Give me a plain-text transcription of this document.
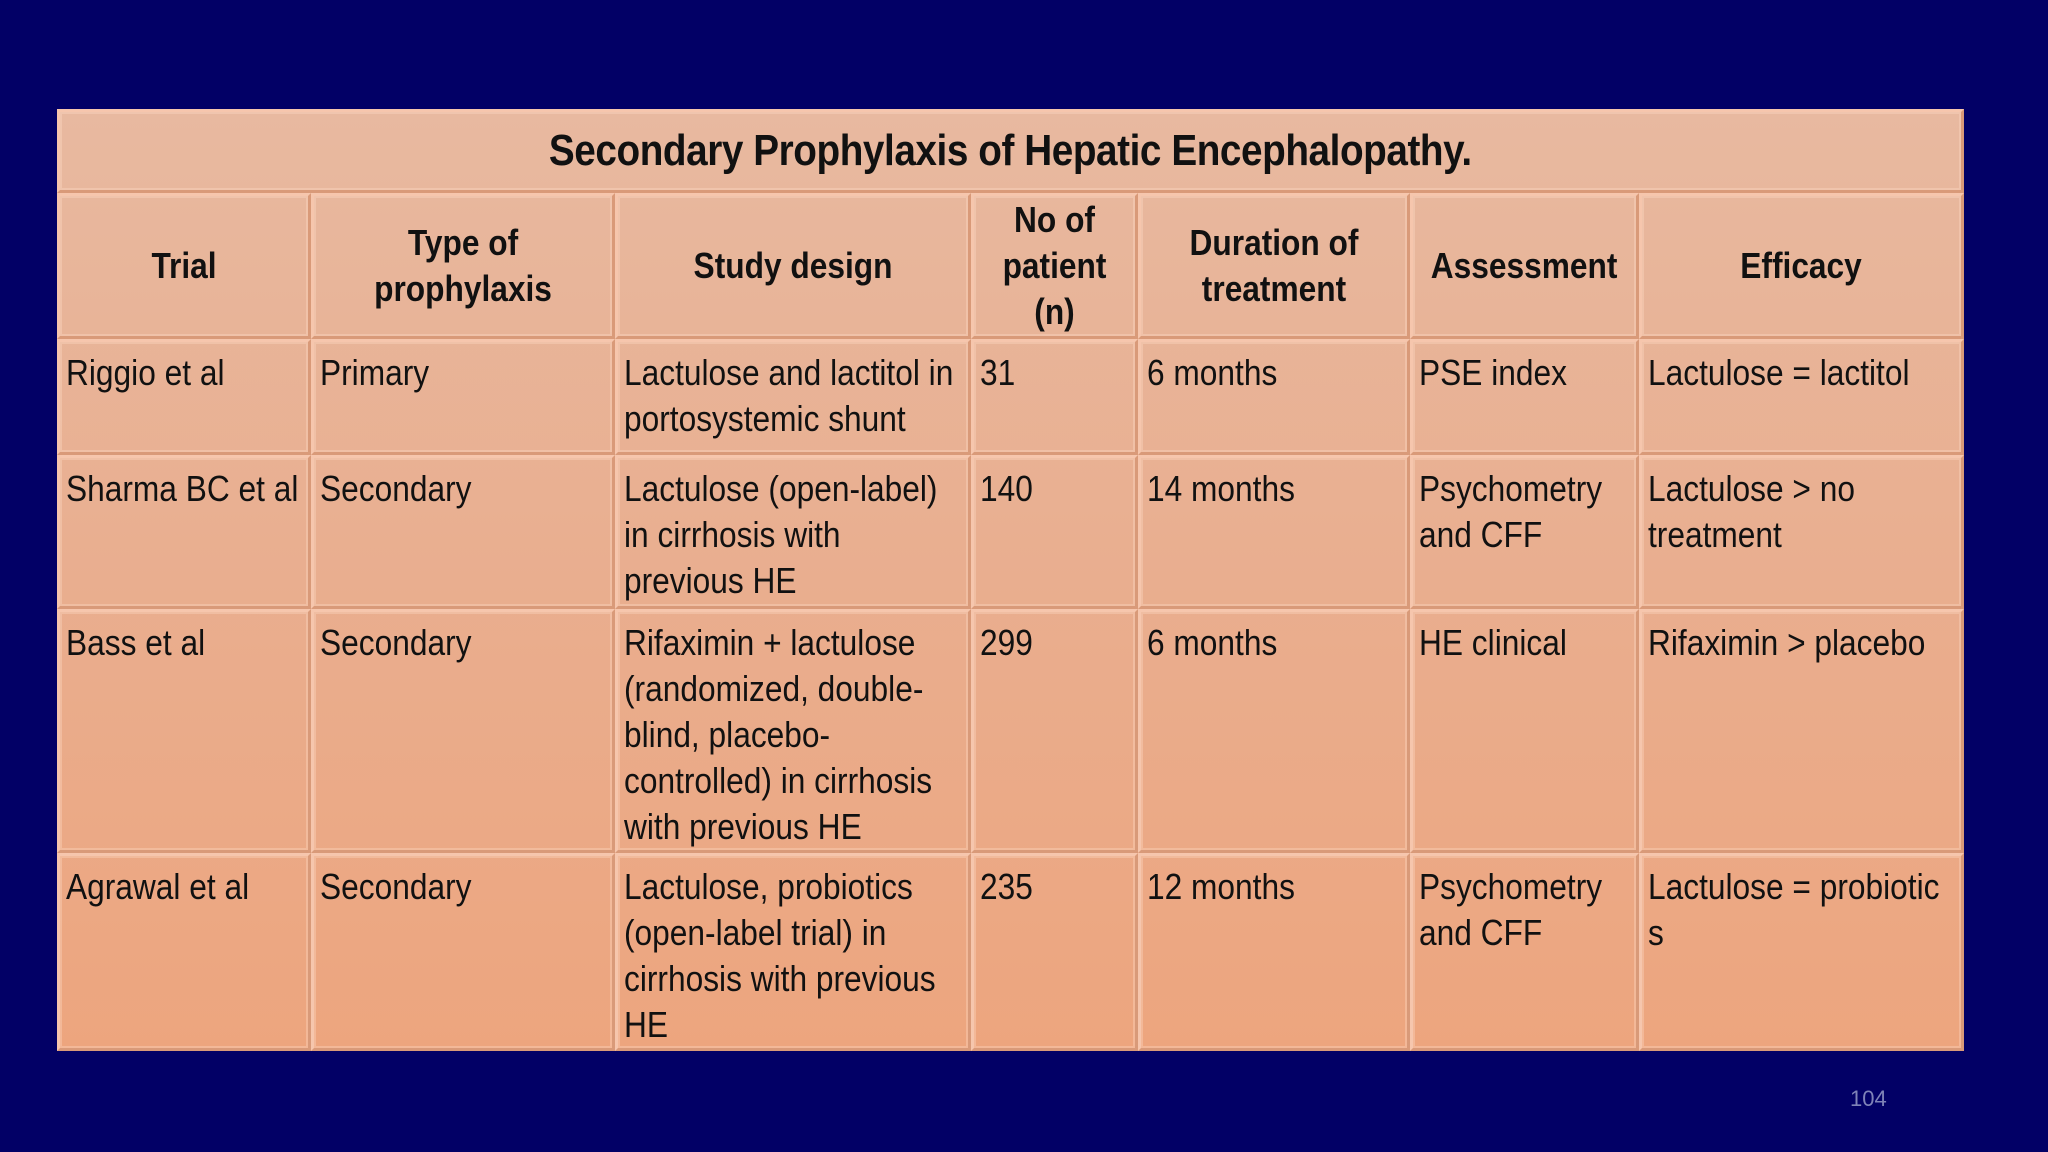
Secondary Prophylaxis of Hepatic Encephalopathy.						
Trial	Type of prophylaxis	Study design	No of patient (n)	Duration of treatment	Assessment	Efficacy
Riggio et al	Primary	Lactulose and lactitol in portosystemic shunt	31	6 months	PSE index	Lactulose = lactitol
Sharma BC et al	Secondary	Lactulose (open-label) in cirrhosis with previous HE	140	14 months	Psychometry and CFF	Lactulose > no treatment
Bass et al	Secondary	Rifaximin + lactulose (randomized, double-blind, placebo-controlled) in cirrhosis with previous HE	299	6 months	HE clinical	Rifaximin > placebo
Agrawal et al	Secondary	Lactulose, probiotics (open-label trial) in cirrhosis with previous HE	235	12 months	Psychometry and CFF	Lactulose = probiotic s
104
